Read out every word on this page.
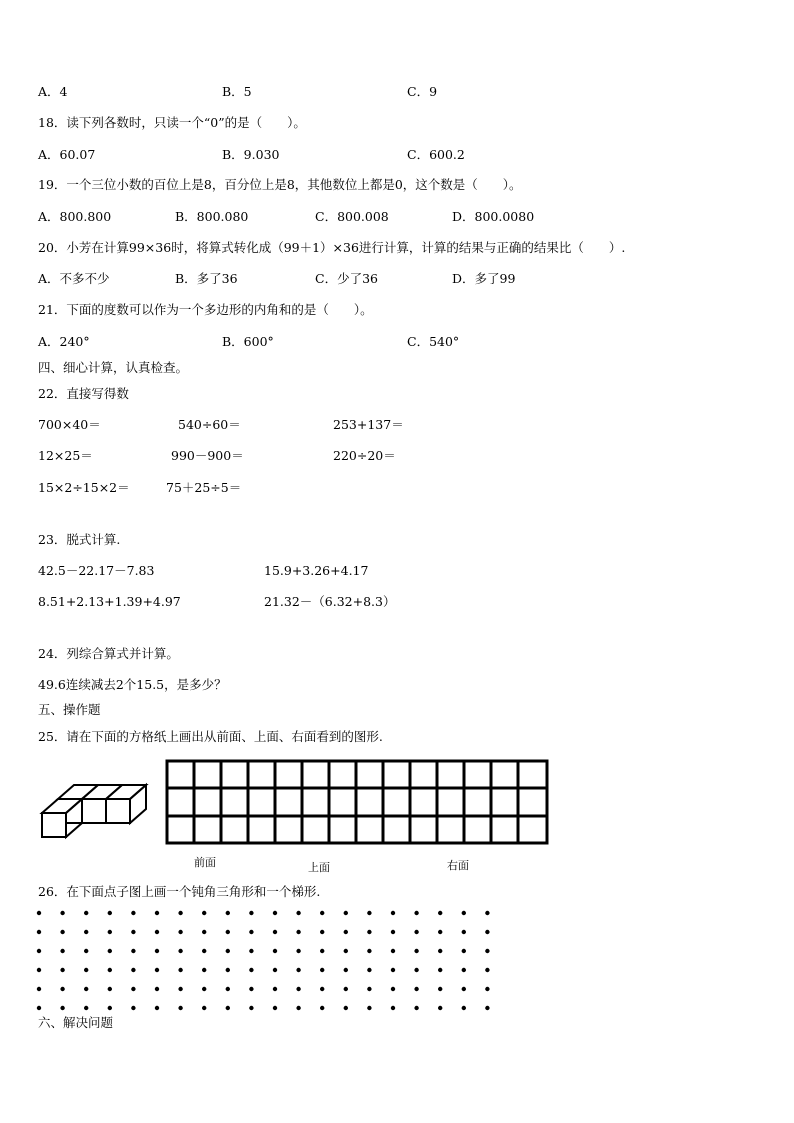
A．4	B．5	C．9
18．读下列各数时，只读一个“0”的是（　　）。
A．60.07	B．9.030	C．600.2
19．一个三位小数的百位上是8，百分位上是8，其他数位上都是0，这个数是（　　）。
A．800.800	B．800.080	C．800.008	D．800.0080
20．小芳在计算99×36时，将算式转化成（99＋1）×36进行计算，计算的结果与正确的结果比（　　）.
A．不多不少	B．多了36	C．少了36	D．多了99
21．下面的度数可以作为一个多边形的内角和的是（　　）。
A．240°	B．600°	C．540°
四、细心计算，认真检查。
22．直接写得数
700×40＝	540÷60＝	253+137＝
12×25＝	990－900＝	220÷20＝
15×2÷15×2＝	75＋25÷5＝
23．脱式计算.
42.5－22.17－7.83	15.9+3.26+4.17
8.51+2.13+1.39+4.97	21.32－（6.32+8.3）
24．列综合算式并计算。
49.6连续减去2个15.5，是多少？
五、操作题
25．请在下面的方格纸上画出从前面、上面、右面看到的图形.
前面	上面	右面
26．在下面点子图上画一个钝角三角形和一个梯形.
六、解决问题
